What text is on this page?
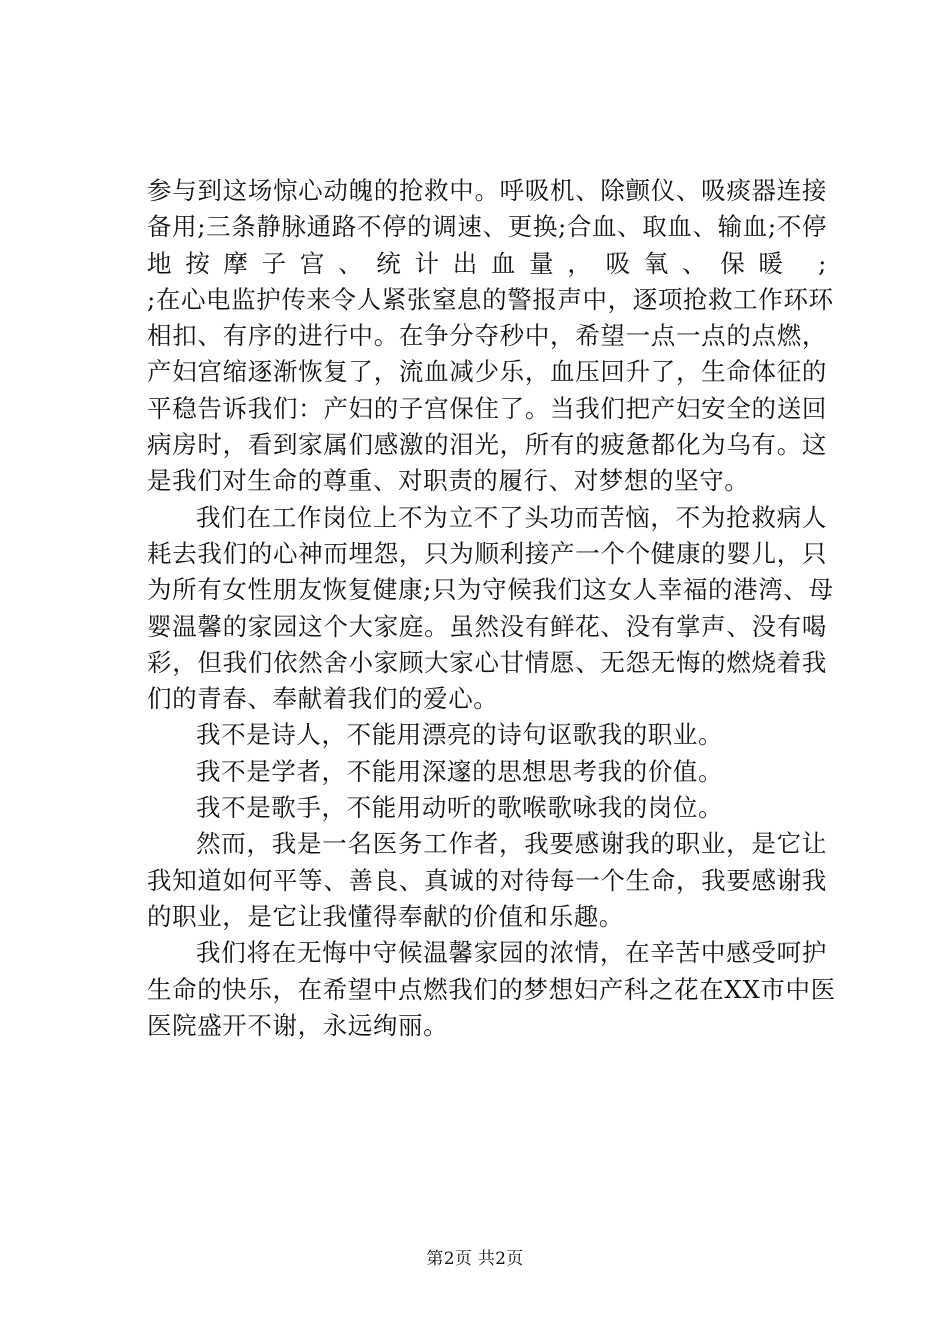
参与到这场惊心动魄的抢救中。呼吸机、除颤仪、吸痰器连接
备用;三条静脉通路不停的调速、更换;合血、取血、输血;不停
地按摩子宫、统计出血量，吸氧、保暖 ;
;在心电监护传来令人紧张窒息的警报声中，逐项抢救工作环环
相扣、有序的进行中。在争分夺秒中，希望一点一点的点燃，
产妇宫缩逐渐恢复了，流血减少乐，血压回升了，生命体征的
平稳告诉我们：产妇的子宫保住了。当我们把产妇安全的送回
病房时，看到家属们感激的泪光，所有的疲惫都化为乌有。这
是我们对生命的尊重、对职责的履行、对梦想的坚守。
我们在工作岗位上不为立不了头功而苦恼，不为抢救病人
耗去我们的心神而埋怨，只为顺利接产一个个健康的婴儿，只
为所有女性朋友恢复健康;只为守候我们这女人幸福的港湾、母
婴温馨的家园这个大家庭。虽然没有鲜花、没有掌声、没有喝
彩，但我们依然舍小家顾大家心甘情愿、无怨无悔的燃烧着我
们的青春、奉献着我们的爱心。
我不是诗人，不能用漂亮的诗句讴歌我的职业。
我不是学者，不能用深邃的思想思考我的价值。
我不是歌手，不能用动听的歌喉歌咏我的岗位。
然而，我是一名医务工作者，我要感谢我的职业，是它让
我知道如何平等、善良、真诚的对待每一个生命，我要感谢我
的职业，是它让我懂得奉献的价值和乐趣。
我们将在无悔中守候温馨家园的浓情，在辛苦中感受呵护
生命的快乐，在希望中点燃我们的梦想妇产科之花在XX市中医
医院盛开不谢，永远绚丽。
第2页 共2页
